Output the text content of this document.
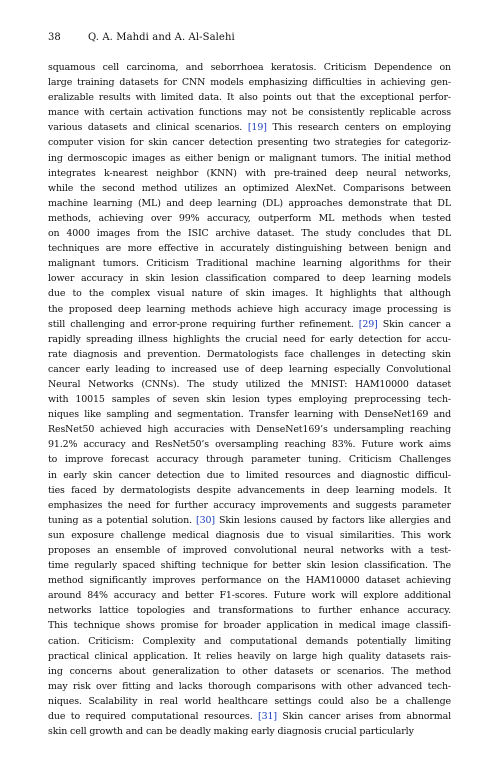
38	Q. A. Mahdi and A. Al-Salehi
squamous cell carcinoma, and seborrhoea keratosis. Criticism Dependence on
large training datasets for CNN models emphasizing difficulties in achieving gen-
eralizable results with limited data. It also points out that the exceptional perfor-
mance with certain activation functions may not be consistently replicable across
various datasets and clinical scenarios. [19] This research centers on employing
computer vision for skin cancer detection presenting two strategies for categoriz-
ing dermoscopic images as either benign or malignant tumors. The initial method
integrates k-nearest neighbor (KNN) with pre-trained deep neural networks,
while the second method utilizes an optimized AlexNet. Comparisons between
machine learning (ML) and deep learning (DL) approaches demonstrate that DL
methods, achieving over 99% accuracy, outperform ML methods when tested
on 4000 images from the ISIC archive dataset. The study concludes that DL
techniques are more effective in accurately distinguishing between benign and
malignant tumors. Criticism Traditional machine learning algorithms for their
lower accuracy in skin lesion classification compared to deep learning models
due to the complex visual nature of skin images. It highlights that although
the proposed deep learning methods achieve high accuracy image processing is
still challenging and error-prone requiring further refinement. [29] Skin cancer a
rapidly spreading illness highlights the crucial need for early detection for accu-
rate diagnosis and prevention. Dermatologists face challenges in detecting skin
cancer early leading to increased use of deep learning especially Convolutional
Neural Networks (CNNs). The study utilized the MNIST: HAM10000 dataset
with 10015 samples of seven skin lesion types employing preprocessing tech-
niques like sampling and segmentation. Transfer learning with DenseNet169 and
ResNet50 achieved high accuracies with DenseNet169’s undersampling reaching
91.2% accuracy and ResNet50’s oversampling reaching 83%. Future work aims
to improve forecast accuracy through parameter tuning. Criticism Challenges
in early skin cancer detection due to limited resources and diagnostic difficul-
ties faced by dermatologists despite advancements in deep learning models. It
emphasizes the need for further accuracy improvements and suggests parameter
tuning as a potential solution. [30] Skin lesions caused by factors like allergies and
sun exposure challenge medical diagnosis due to visual similarities. This work
proposes an ensemble of improved convolutional neural networks with a test-
time regularly spaced shifting technique for better skin lesion classification. The
method significantly improves performance on the HAM10000 dataset achieving
around 84% accuracy and better F1-scores. Future work will explore additional
networks lattice topologies and transformations to further enhance accuracy.
This technique shows promise for broader application in medical image classifi-
cation. Criticism: Complexity and computational demands potentially limiting
practical clinical application. It relies heavily on large high quality datasets rais-
ing concerns about generalization to other datasets or scenarios. The method
may risk over fitting and lacks thorough comparisons with other advanced tech-
niques. Scalability in real world healthcare settings could also be a challenge
due to required computational resources. [31] Skin cancer arises from abnormal
skin cell growth and can be deadly making early diagnosis crucial particularly
